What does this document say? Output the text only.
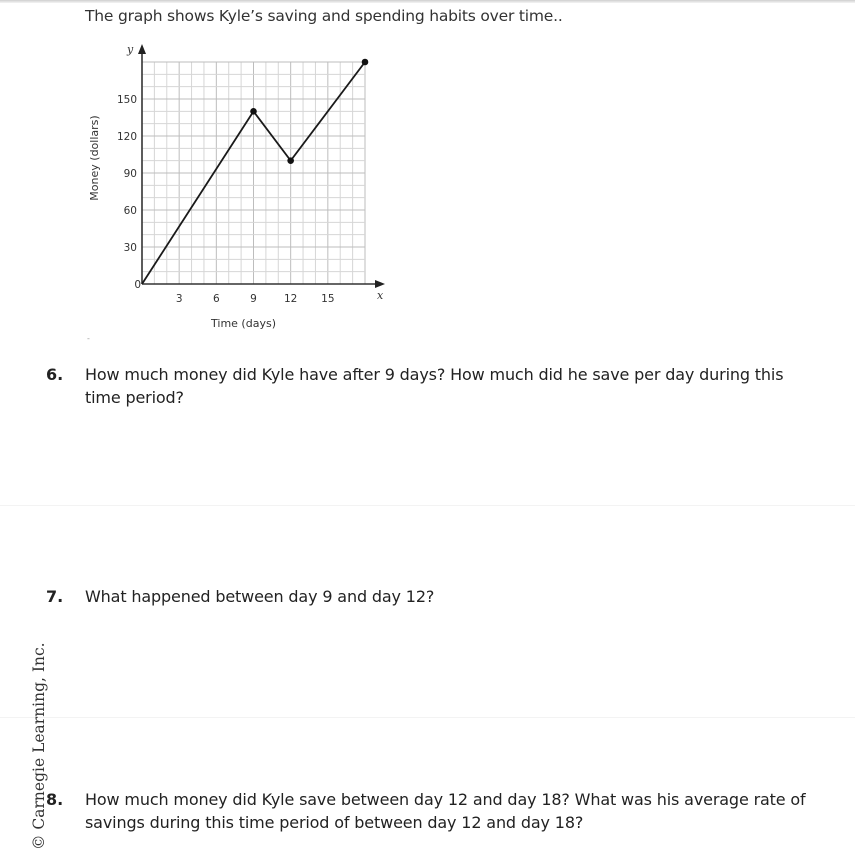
The graph shows Kyle’s saving and spending habits over time..
3	6	9	12 15
30
60
90
120
150
Time (days)
Money (dollars)
x
y
0
-
6. How much money did Kyle have after 9 days? How much did he save per day during this time period?
7. What happened between day 9 and day 12?
8. How much money did Kyle save between day 12 and day 18? What was his average rate of savings during this time period of between day 12 and day 18?
© Carnegie Learning, Inc.
